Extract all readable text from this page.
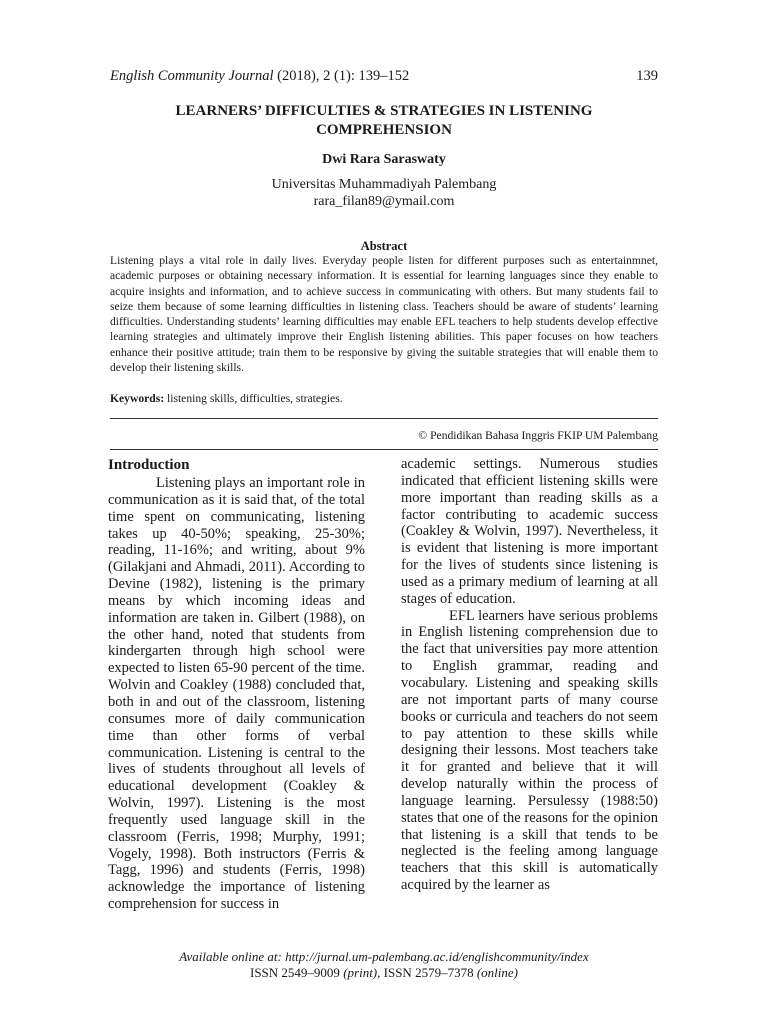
English Community Journal (2018), 2 (1): 139–152	139
LEARNERS’ DIFFICULTIES & STRATEGIES IN LISTENING COMPREHENSION
Dwi Rara Saraswaty
Universitas Muhammadiyah Palembang
rara_filan89@ymail.com
Abstract

Listening plays a vital role in daily lives. Everyday people listen for different purposes such as entertainmnet, academic purposes or obtaining necessary information. It is essential for learning languages since they enable to acquire insights and information, and to achieve success in communicating with others. But many students fail to seize them because of some learning difficulties in listening class. Teachers should be aware of students’ learning difficulties. Understanding students’ learning difficulties may enable EFL teachers to help students develop effective learning strategies and ultimately improve their English listening abilities. This paper focuses on how teachers enhance their positive attitude; train them to be responsive by giving the suitable strategies that will enable them to develop their listening skills.

Keywords: listening skills, difficulties, strategies.
© Pendidikan Bahasa Inggris FKIP UM Palembang
Introduction

Listening plays an important role in communication as it is said that, of the total time spent on communicating, listening takes up 40-50%; speaking, 25-30%; reading, 11-16%; and writing, about 9% (Gilakjani and Ahmadi, 2011). According to Devine (1982), listening is the primary means by which incoming ideas and information are taken in. Gilbert (1988), on the other hand, noted that students from kindergarten through high school were expected to listen 65-90 percent of the time. Wolvin and Coakley (1988) concluded that, both in and out of the classroom, listening consumes more of daily communication time than other forms of verbal communication. Listening is central to the lives of students throughout all levels of educational development (Coakley & Wolvin, 1997). Listening is the most frequently used language skill in the classroom (Ferris, 1998; Murphy, 1991; Vogely, 1998). Both instructors (Ferris & Tagg, 1996) and students (Ferris, 1998) acknowledge the importance of listening comprehension for success in

academic settings. Numerous studies indicated that efficient listening skills were more important than reading skills as a factor contributing to academic success (Coakley & Wolvin, 1997). Nevertheless, it is evident that listening is more important for the lives of students since listening is used as a primary medium of learning at all stages of education.

EFL learners have serious problems in English listening comprehension due to the fact that universities pay more attention to English grammar, reading and vocabulary. Listening and speaking skills are not important parts of many course books or curricula and teachers do not seem to pay attention to these skills while designing their lessons. Most teachers take it for granted and believe that it will develop naturally within the process of language learning. Persulessy (1988:50) states that one of the reasons for the opinion that listening is a skill that tends to be neglected is the feeling among language teachers that this skill is automatically acquired by the learner as

Available online at: http://jurnal.um-palembang.ac.id/englishcommunity/index
ISSN 2549–9009 (print), ISSN 2579–7378 (online)
